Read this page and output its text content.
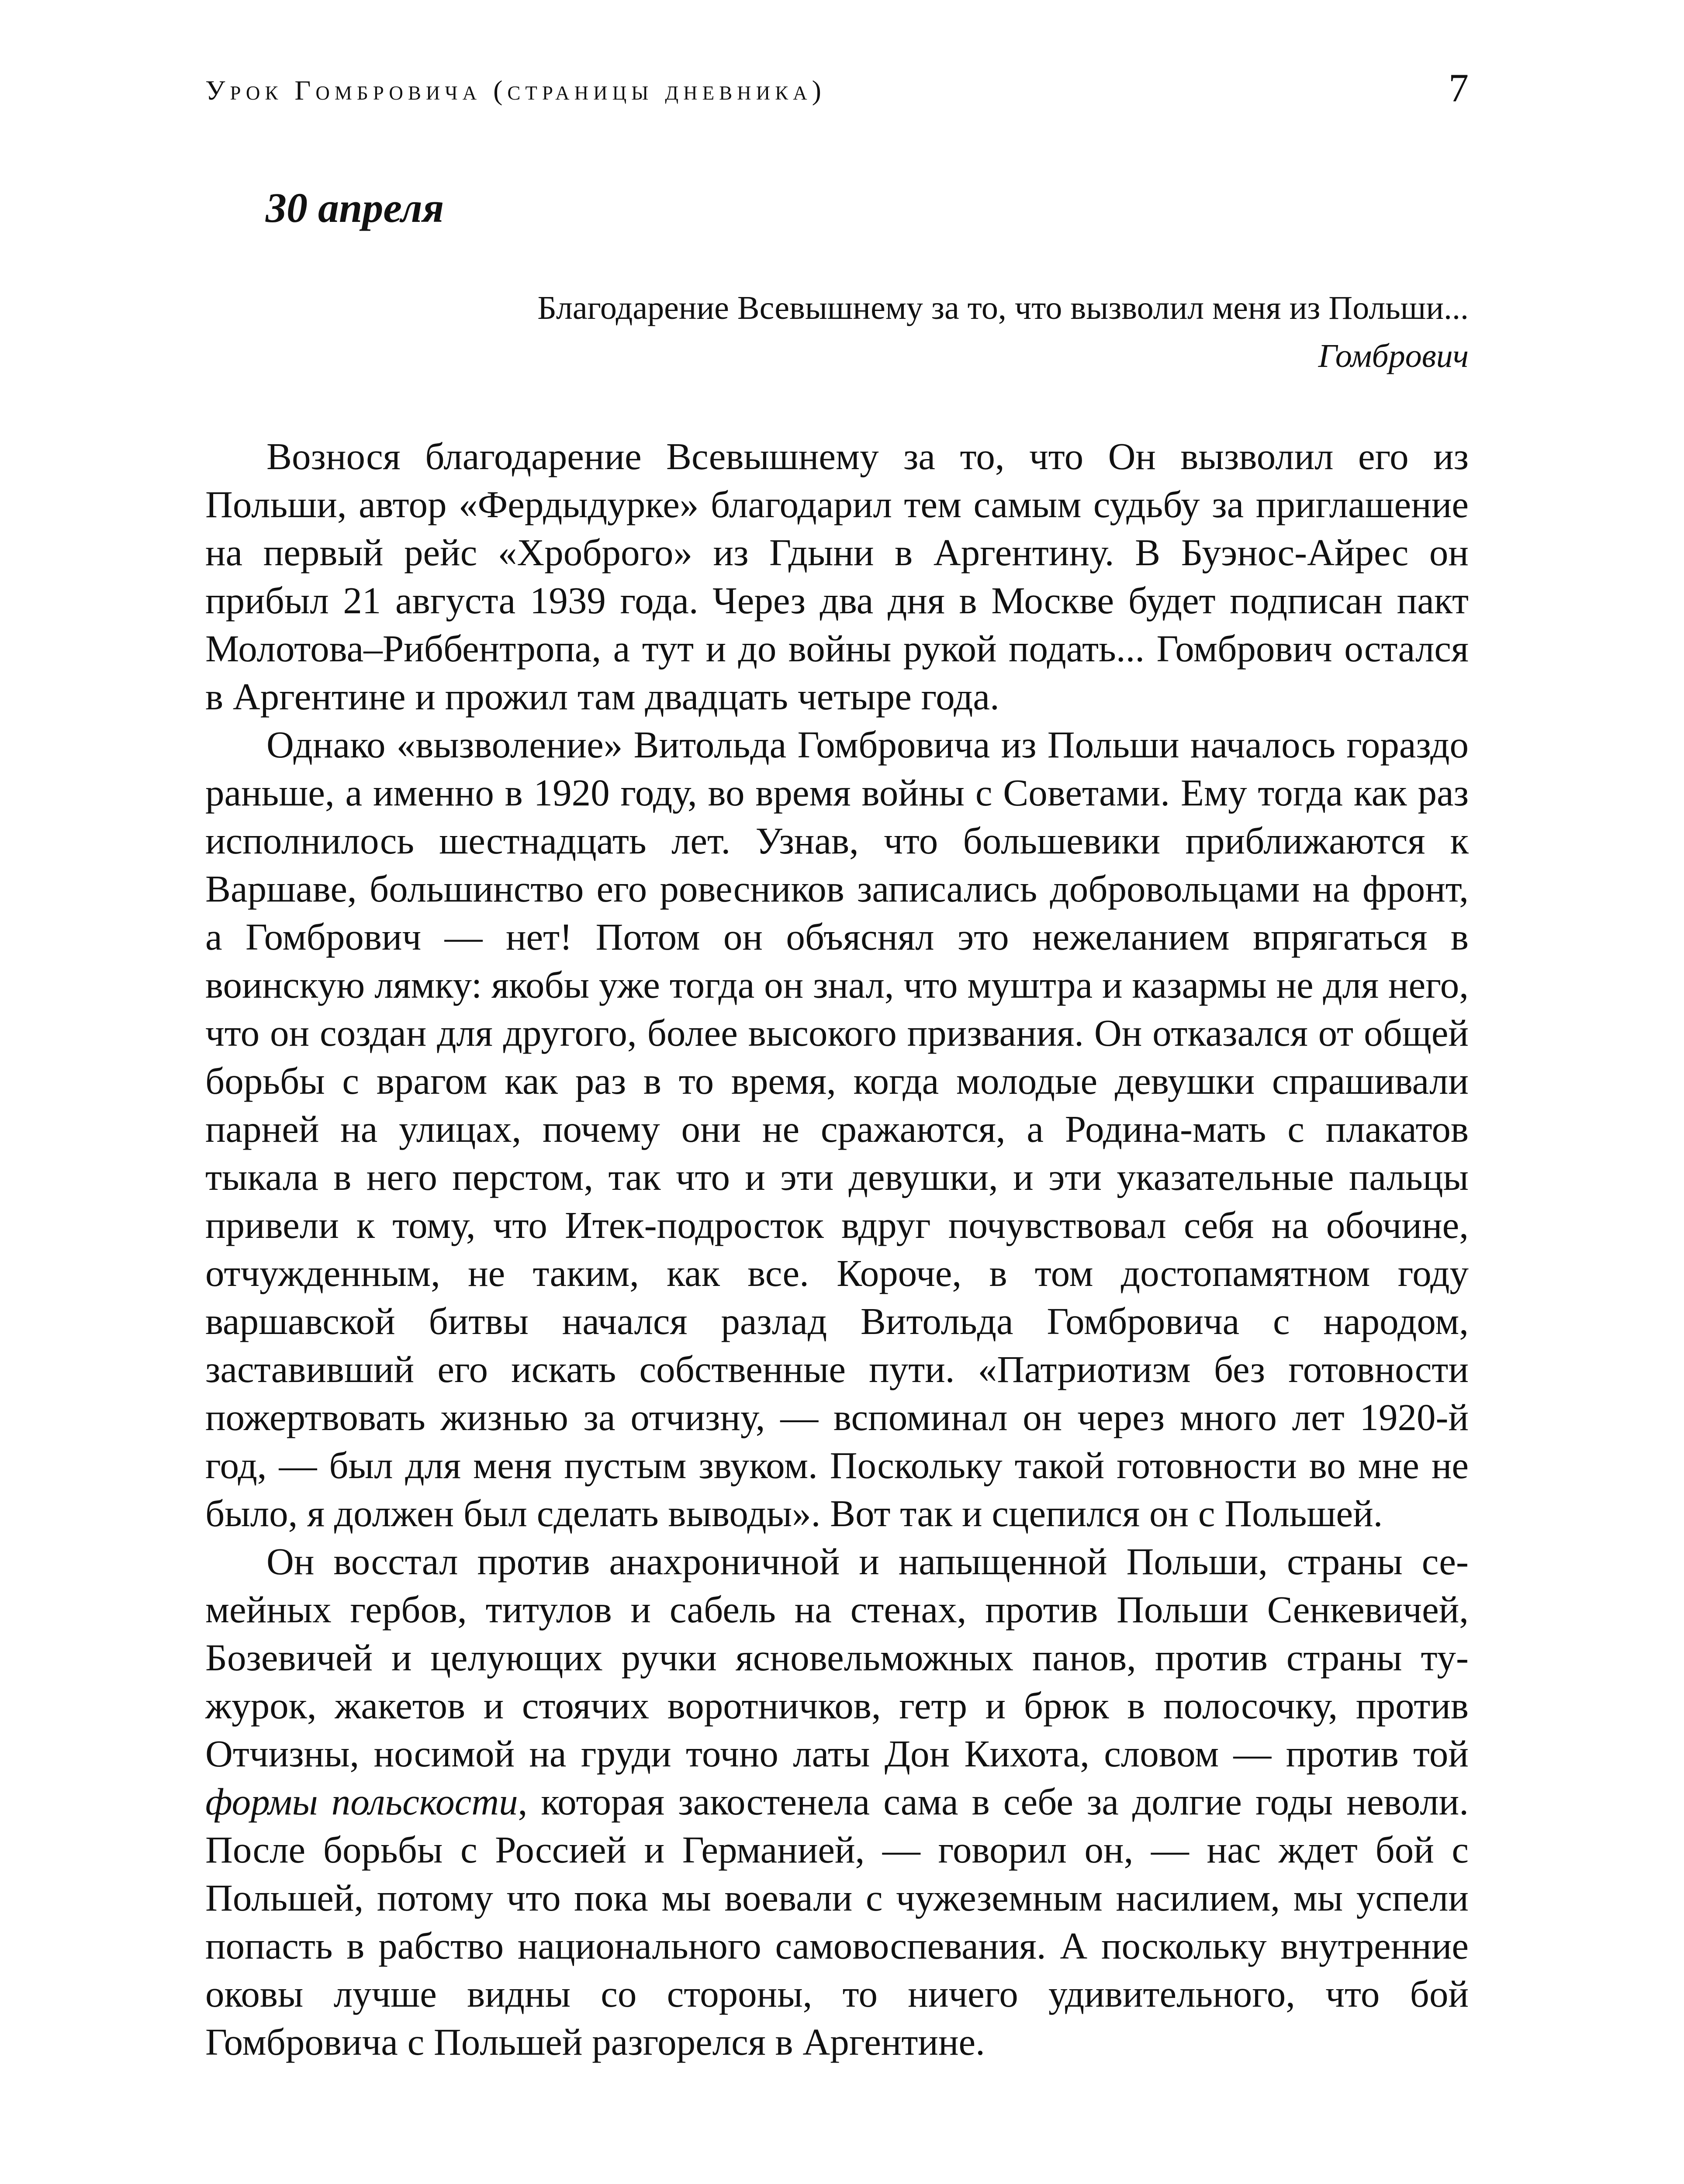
Урок Гомбровича (страницы дневника)	7
30 апреля
Благодарение Всевышнему за то, что вызволил меня из Польши...
Гомбрович

Вознося благодарение Всевышнему за то, что Он вызволил его из Польши, автор «Фердыдурке» благодарил тем самым судьбу за приглашение на первый рейс «Хроброго» из Гдыни в Аргентину. В Буэнос-Айрес он прибыл 21 августа 1939 года. Через два дня в Москве будет подписан пакт Молотова–Риббентропа, а тут и до войны рукой подать... Гомбрович остался в Аргентине и прожил там двадцать четыре года.

Однако «вызволение» Витольда Гомбровича из Польши началось гораздо раньше, а именно в 1920 году, во время войны с Советами. Ему тогда как раз исполнилось шестнадцать лет. Узнав, что большевики приближаются к Варшаве, большинство его ровесников записались добровольцами на фронт, а Гомбрович — нет! Потом он объяснял это нежеланием впрягаться в воинскую лямку: якобы уже тогда он знал, что муштра и казармы не для него, что он создан для другого, более высокого призвания. Он отказался от общей борьбы с врагом как раз в то время, когда молодые девушки спрашивали парней на улицах, почему они не сражаются, а Родина-мать с плакатов тыкала в него перстом, так что и эти девушки, и эти указательные пальцы привели к тому, что Итек-подросток вдруг почувствовал себя на обочине, отчужденным, не таким, как все. Короче, в том достопамятном году варшавской битвы начался разлад Витольда Гомбровича с народом, заставивший его искать собственные пути. «Патриотизм без готовности пожертвовать жизнью за отчизну, — вспоминал он через много лет 1920-й год, — был для меня пустым звуком. Поскольку такой готовности во мне не было, я должен был сделать выводы». Вот так и сцепился он с Польшей.

Он восстал против анахроничной и напыщенной Польши, страны семейных гербов, титулов и сабель на стенах, против Польши Сенкевичей, Бозевичей и целующих ручки ясновельможных панов, против страны тужурок, жакетов и стоячих воротничков, гетр и брюк в полосочку, против Отчизны, носимой на груди точно латы Дон Кихота, словом — против той формы польскости, которая закостенела сама в себе за долгие годы неволи. После борьбы с Россией и Германией, — говорил он, — нас ждет бой с Польшей, потому что пока мы воевали с чужеземным насилием, мы успели попасть в рабство национального самовоспевания. А поскольку внутренние оковы лучше видны со стороны, то ничего удивительного, что бой Гомбровича с Польшей разгорелся в Аргентине.
